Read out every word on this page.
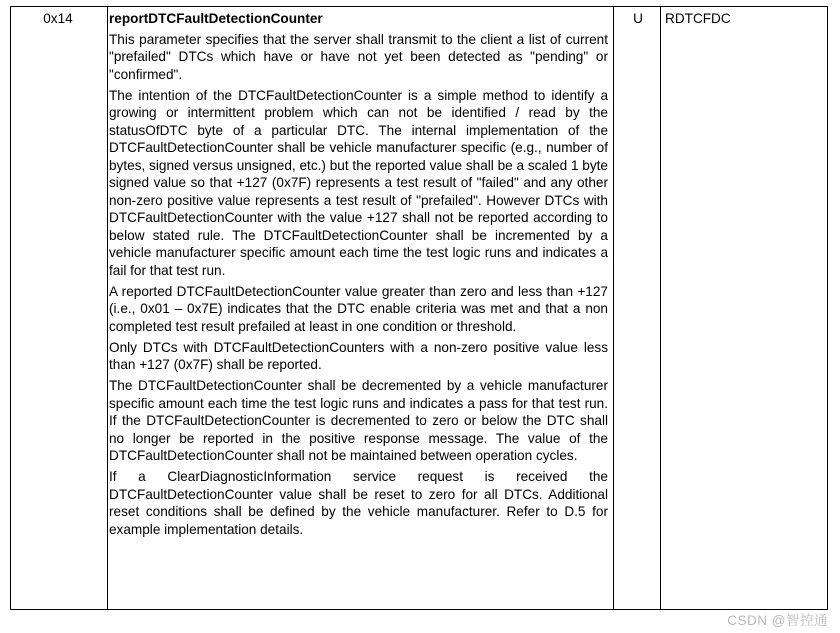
0x14	reportDTCFaultDetectionCounter

This parameter specifies that the server shall transmit to the client a list of current "prefailed" DTCs which have or have not yet been detected as "pending" or "confirmed".

The intention of the DTCFaultDetectionCounter is a simple method to identify a growing or intermittent problem which can not be identified / read by the statusOfDTC byte of a particular DTC. The internal implementation of the DTCFaultDetectionCounter shall be vehicle manufacturer specific (e.g., number of bytes, signed versus unsigned, etc.) but the reported value shall be a scaled 1 byte signed value so that +127 (0x7F) represents a test result of "failed" and any other non-zero positive value represents a test result of "prefailed". However DTCs with DTCFaultDetectionCounter with the value +127 shall not be reported according to below stated rule. The DTCFaultDetectionCounter shall be incremented by a vehicle manufacturer specific amount each time the test logic runs and indicates a fail for that test run.

A reported DTCFaultDetectionCounter value greater than zero and less than +127 (i.e., 0x01 – 0x7E) indicates that the DTC enable criteria was met and that a non completed test result prefailed at least in one condition or threshold.

Only DTCs with DTCFaultDetectionCounters with a non-zero positive value less than +127 (0x7F) shall be reported.

The DTCFaultDetectionCounter shall be decremented by a vehicle manufacturer specific amount each time the test logic runs and indicates a pass for that test run. If the DTCFaultDetectionCounter is decremented to zero or below the DTC shall no longer be reported in the positive response message. The value of the DTCFaultDetectionCounter shall not be maintained between operation cycles.

If a ClearDiagnosticInformation service request is received the DTCFaultDetectionCounter value shall be reset to zero for all DTCs. Additional reset conditions shall be defined by the vehicle manufacturer. Refer to D.5 for example implementation details.

U	RDTCFDC
CSDN @智控通
